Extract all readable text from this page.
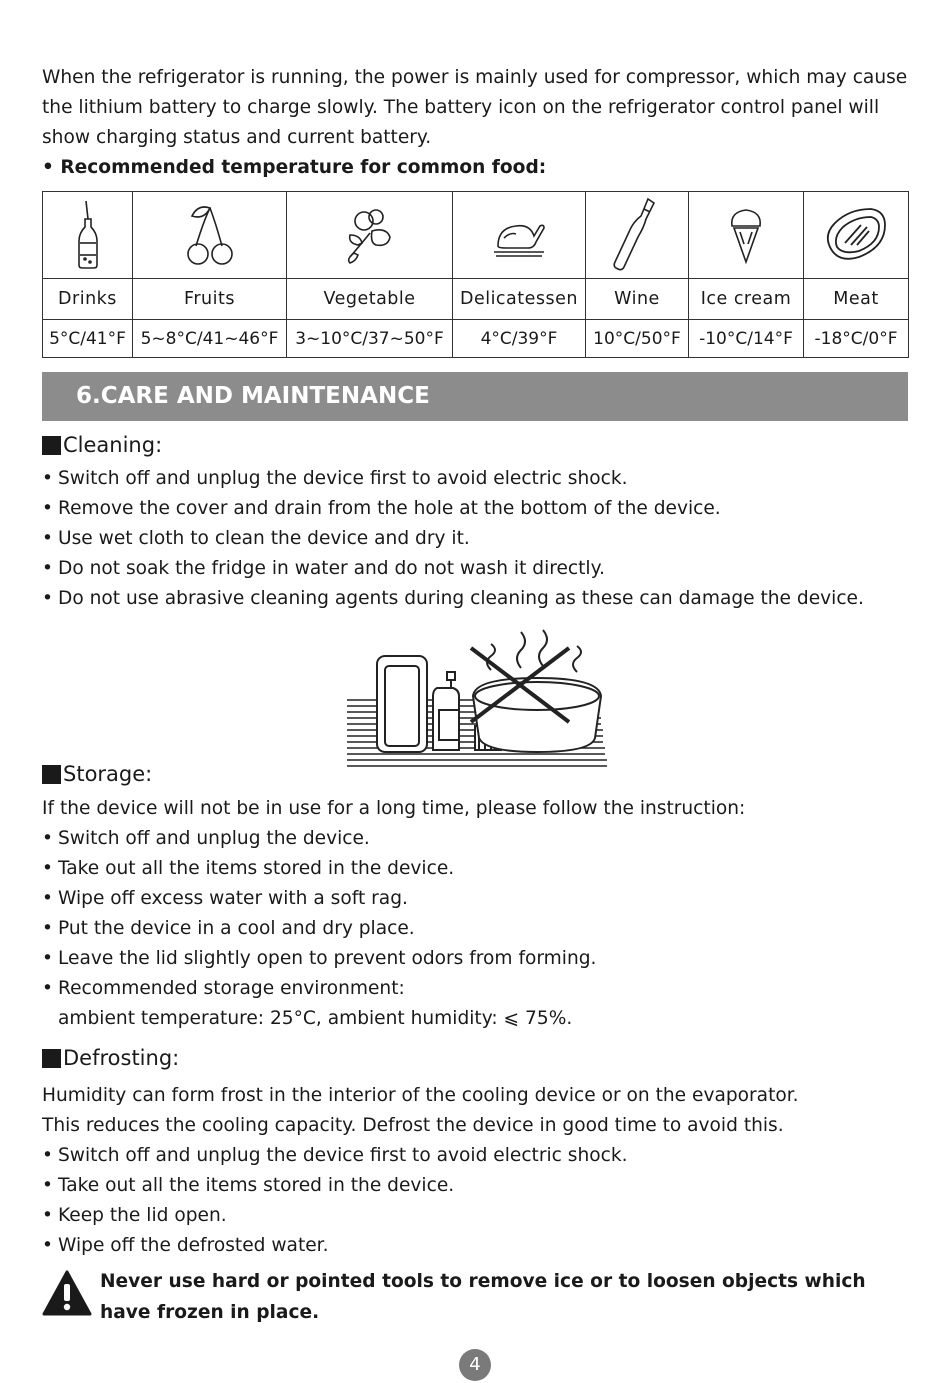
When the refrigerator is running, the power is mainly used for compressor, which may cause the lithium battery to charge slowly. The battery icon on the refrigerator control panel will show charging status and current battery.

• Recommended temperature for common food:

Drinks	Fruits	Vegetable	Delicatessen	Wine	Ice cream	Meat
5°C/41°F	5~8°C/41~46°F	3~10°C/37~50°F	4°C/39°F	10°C/50°F	-10°C/14°F	-18°C/0°F
6.CARE AND MAINTENANCE
Cleaning:
• Switch off and unplug the device first to avoid electric shock.
• Remove the cover and drain from the hole at the bottom of the device.
• Use wet cloth to clean the device and dry it.
• Do not soak the fridge in water and do not wash it directly.
• Do not use abrasive cleaning agents during cleaning as these can damage the device.
Storage:

If the device will not be in use for a long time, please follow the instruction:

• Switch off and unplug the device.
• Take out all the items stored in the device.
• Wipe off excess water with a soft rag.
• Put the device in a cool and dry place.
• Leave the lid slightly open to prevent odors from forming.
• Recommended storage environment:

ambient temperature: 25°C, ambient humidity: ⩽ 75%.

Defrosting:

Humidity can form frost in the interior of the cooling device or on the evaporator.

This reduces the cooling capacity. Defrost the device in good time to avoid this.

• Switch off and unplug the device first to avoid electric shock.
• Take out all the items stored in the device.
• Keep the lid open.
• Wipe off the defrosted water.
Never use hard or pointed tools to remove ice or to loosen objects which
have frozen in place.
4
